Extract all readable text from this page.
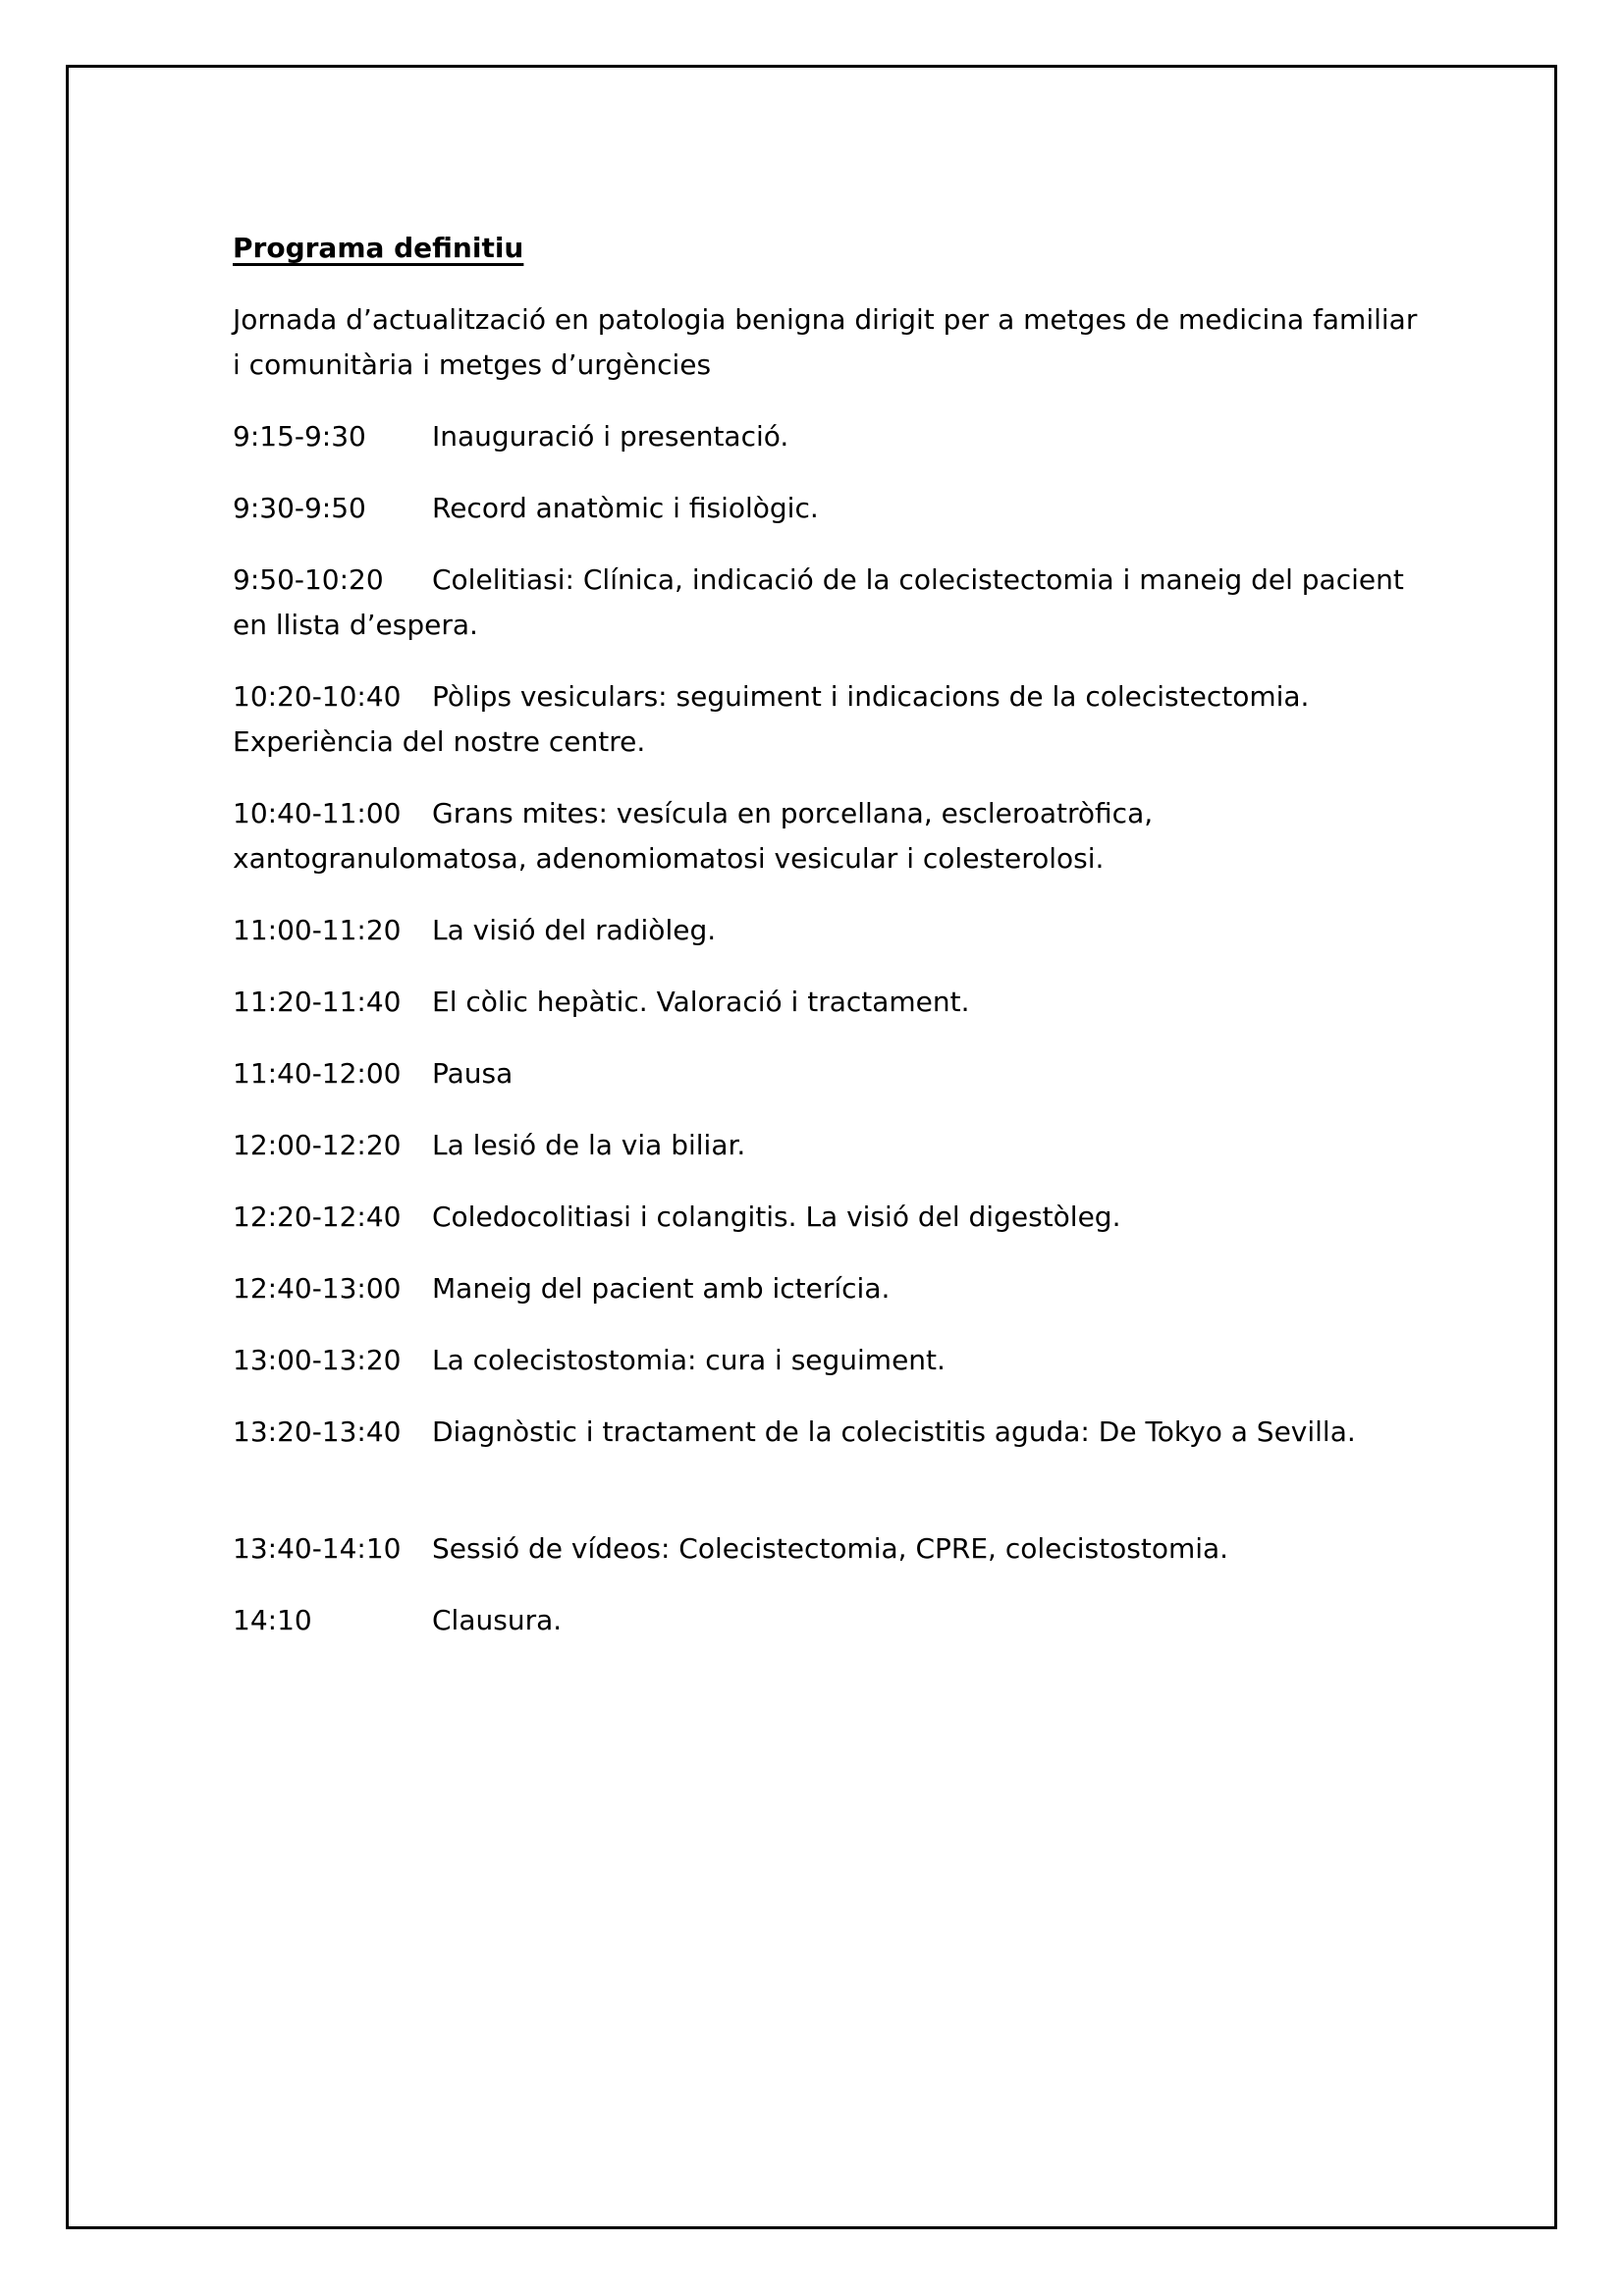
Programa definitiu

Jornada d’actualització en patologia benigna dirigit per a metges de medicina familiar i comunitària i metges d’urgències

9:15-9:30 Inauguració i presentació.

9:30-9:50 Record anatòmic i fisiològic.

9:50-10:20 Colelitiasi: Clínica, indicació de la colecistectomia i maneig del pacient en llista d’espera.

10:20-10:40 Pòlips vesiculars: seguiment i indicacions de la colecistectomia. Experiència del nostre centre.

10:40-11:00 Grans mites: vesícula en porcellana, escleroatròfica, xantogranulomatosa, adenomiomatosi vesicular i colesterolosi.

11:00-11:20 La visió del radiòleg.

11:20-11:40 El còlic hepàtic. Valoració i tractament.

11:40-12:00 Pausa

12:00-12:20 La lesió de la via biliar.

12:20-12:40 Coledocolitiasi i colangitis. La visió del digestòleg.

12:40-13:00 Maneig del pacient amb icterícia.

13:00-13:20 La colecistostomia: cura i seguiment.

13:20-13:40 Diagnòstic i tractament de la colecistitis aguda: De Tokyo a Sevilla.

13:40-14:10 Sessió de vídeos: Colecistectomia, CPRE, colecistostomia.

14:10	Clausura.
